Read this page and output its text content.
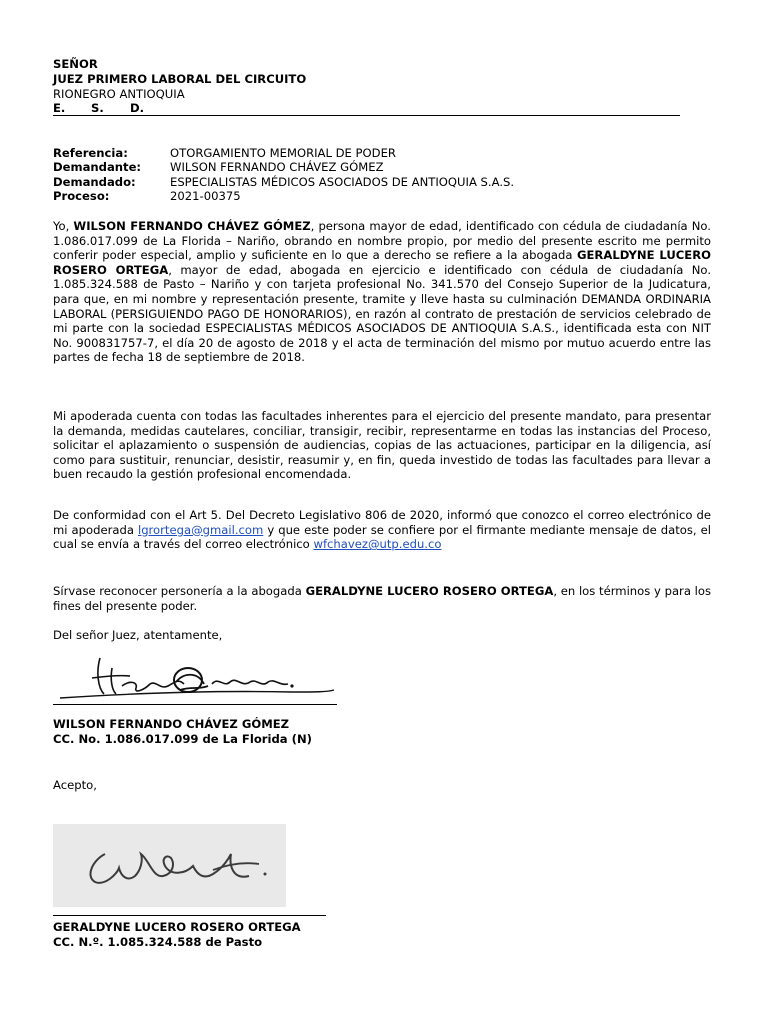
SEÑOR
JUEZ PRIMERO LABORAL DEL CIRCUITO
RIONEGRO ANTIOQUIA
E. S. D.
Referencia:	OTORGAMIENTO MEMORIAL DE PODER
Demandante: WILSON FERNANDO CHÁVEZ GÓMEZ
Demandado:	ESPECIALISTAS MÉDICOS ASOCIADOS DE ANTIOQUIA S.A.S.
Proceso:	2021-00375

Yo, WILSON FERNANDO CHÁVEZ GÓMEZ, persona mayor de edad, identificado con cédula de ciudadanía No. 1.086.017.099 de La Florida – Nariño, obrando en nombre propio, por medio del presente escrito me permito conferir poder especial, amplio y suficiente en lo que a derecho se refiere a la abogada GERALDYNE LUCERO ROSERO ORTEGA, mayor de edad, abogada en ejercicio e identificado con cédula de ciudadanía No. 1.085.324.588 de Pasto – Nariño y con tarjeta profesional No. 341.570 del Consejo Superior de la Judicatura, para que, en mi nombre y representación presente, tramite y lleve hasta su culminación DEMANDA ORDINARIA LABORAL (PERSIGUIENDO PAGO DE HONORARIOS), en razón al contrato de prestación de servicios celebrado de mi parte con la sociedad ESPECIALISTAS MÉDICOS ASOCIADOS DE ANTIOQUIA S.A.S., identificada esta con NIT No. 900831757-7, el día 20 de agosto de 2018 y el acta de terminación del mismo por mutuo acuerdo entre las partes de fecha 18 de septiembre de 2018.

Mi apoderada cuenta con todas las facultades inherentes para el ejercicio del presente mandato, para presentar la demanda, medidas cautelares, conciliar, transigir, recibir, representarme en todas las instancias del Proceso, solicitar el aplazamiento o suspensión de audiencias, copias de las actuaciones, participar en la diligencia, así como para sustituir, renunciar, desistir, reasumir y, en fin, queda investido de todas las facultades para llevar a buen recaudo la gestión profesional encomendada.

De conformidad con el Art 5. Del Decreto Legislativo 806 de 2020, informó que conozco el correo electrónico de mi apoderada lgrortega@gmail.com y que este poder se confiere por el firmante mediante mensaje de datos, el cual se envía a través del correo electrónico wfchavez@utp.edu.co

Sírvase reconocer personería a la abogada GERALDYNE LUCERO ROSERO ORTEGA, en los términos y para los fines del presente poder.

Del señor Juez, atentamente,
WILSON FERNANDO CHÁVEZ GÓMEZ
CC. No. 1.086.017.099 de La Florida (N)
Acepto,
GERALDYNE LUCERO ROSERO ORTEGA
CC. N.º. 1.085.324.588 de Pasto
